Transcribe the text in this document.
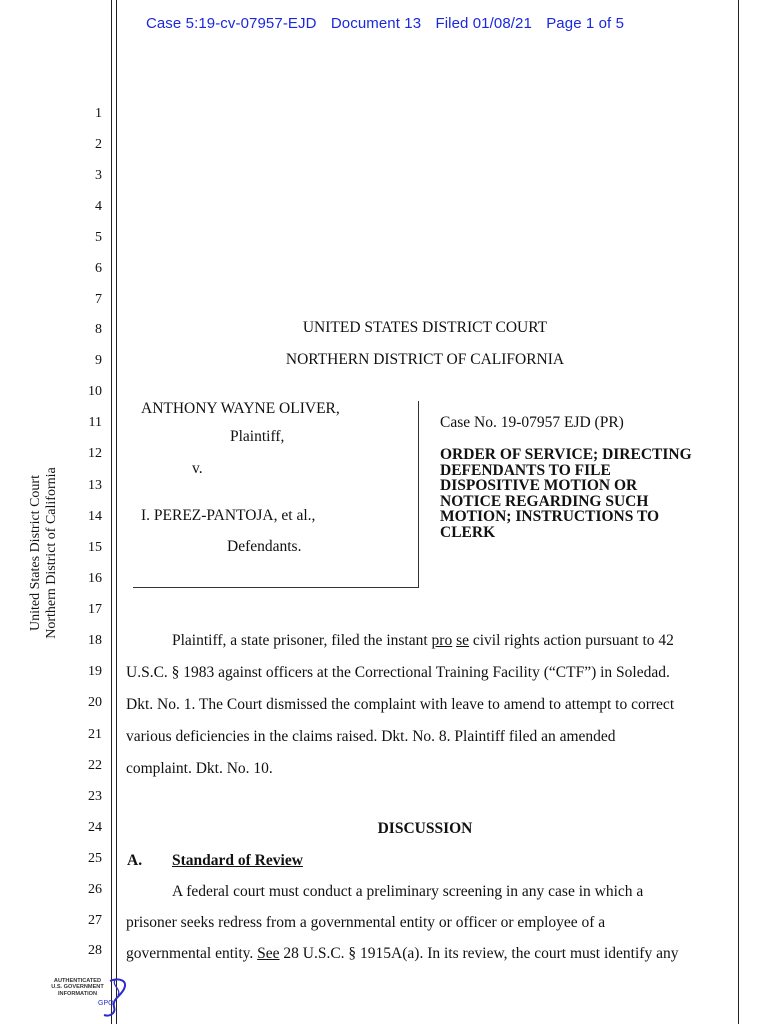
Case 5:19-cv-07957-EJD Document 13 Filed 01/08/21 Page 1 of 5
United States District Court Northern District of California
1
2
3
4
5
6
7
8
9
10
11
12
13
14
15
16
17
18
19
20
21
22
23
24
25
26
27
28
UNITED STATES DISTRICT COURT
NORTHERN DISTRICT OF CALIFORNIA
ANTHONY WAYNE OLIVER,
Plaintiff,
v.
I. PEREZ-PANTOJA, et al.,
Defendants.
Case No. 19-07957 EJD (PR)
ORDER OF SERVICE; DIRECTING
DEFENDANTS TO FILE
DISPOSITIVE MOTION OR
NOTICE REGARDING SUCH
MOTION; INSTRUCTIONS TO
CLERK
Plaintiff, a state prisoner, filed the instant pro se civil rights action pursuant to 42
U.S.C. § 1983 against officers at the Correctional Training Facility (“CTF”) in Soledad.
Dkt. No. 1. The Court dismissed the complaint with leave to amend to attempt to correct
various deficiencies in the claims raised. Dkt. No. 8. Plaintiff filed an amended
complaint. Dkt. No. 10.
DISCUSSION
A. Standard of Review
A federal court must conduct a preliminary screening in any case in which a
prisoner seeks redress from a governmental entity or officer or employee of a
governmental entity. See 28 U.S.C. § 1915A(a). In its review, the court must identify any
AUTHENTICATED
U.S. GOVERNMENT
INFORMATION
GPO
